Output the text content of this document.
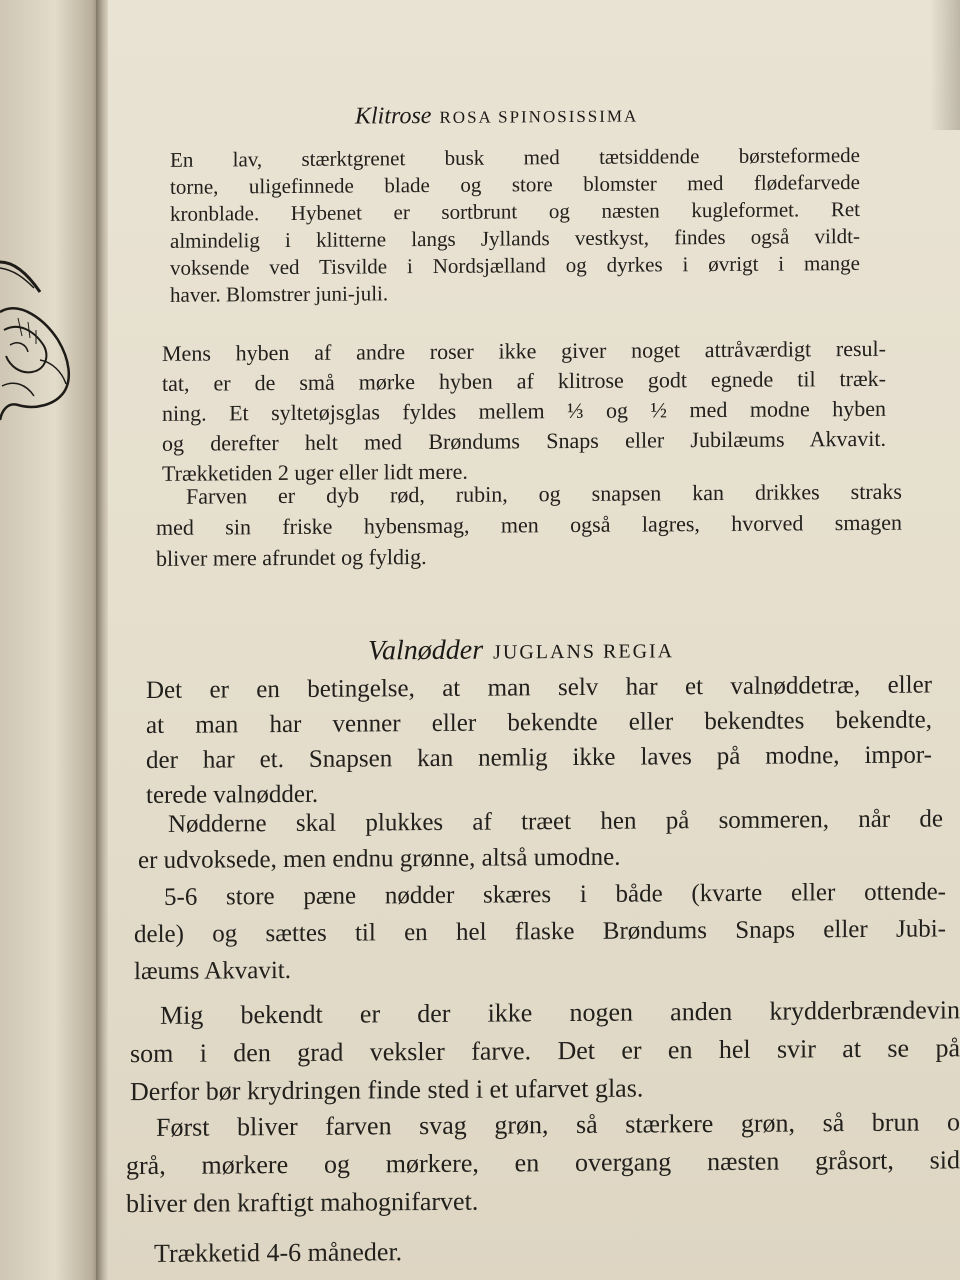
Klitrose ROSA SPINOSISSIMA
En lav, stærktgrenet busk med tætsiddende børsteformede
torne, uligefinnede blade og store blomster med flødefarvede
kronblade. Hybenet er sortbrunt og næsten kugleformet. Ret
almindelig i klitterne langs Jyllands vestkyst, findes også vildt-
voksende ved Tisvilde i Nordsjælland og dyrkes i øvrigt i mange
haver. Blomstrer juni-juli.
Mens hyben af andre roser ikke giver noget attråværdigt resul-
tat, er de små mørke hyben af klitrose godt egnede til træk-
ning. Et syltetøjsglas fyldes mellem ⅓ og ½ med modne hyben
og derefter helt med Brøndums Snaps eller Jubilæums Akvavit.
Trækketiden 2 uger eller lidt mere.
Farven er dyb rød, rubin, og snapsen kan drikkes straks
med sin friske hybensmag, men også lagres, hvorved smagen
bliver mere afrundet og fyldig.
Valnødder JUGLANS REGIA
Det er en betingelse, at man selv har et valnøddetræ, eller
at man har venner eller bekendte eller bekendtes bekendte,
der har et. Snapsen kan nemlig ikke laves på modne, impor-
terede valnødder.
Nødderne skal plukkes af træet hen på sommeren, når de
er udvoksede, men endnu grønne, altså umodne.
5-6 store pæne nødder skæres i både (kvarte eller ottende-
dele) og sættes til en hel flaske Brøndums Snaps eller Jubi-
læums Akvavit.
Mig bekendt er der ikke nogen anden krydderbrændevin
som i den grad veksler farve. Det er en hel svir at se på
Derfor bør krydringen finde sted i et ufarvet glas.
Først bliver farven svag grøn, så stærkere grøn, så brun o
grå, mørkere og mørkere, en overgang næsten gråsort, sid
bliver den kraftigt mahognifarvet.
Trækketid 4-6 måneder.
